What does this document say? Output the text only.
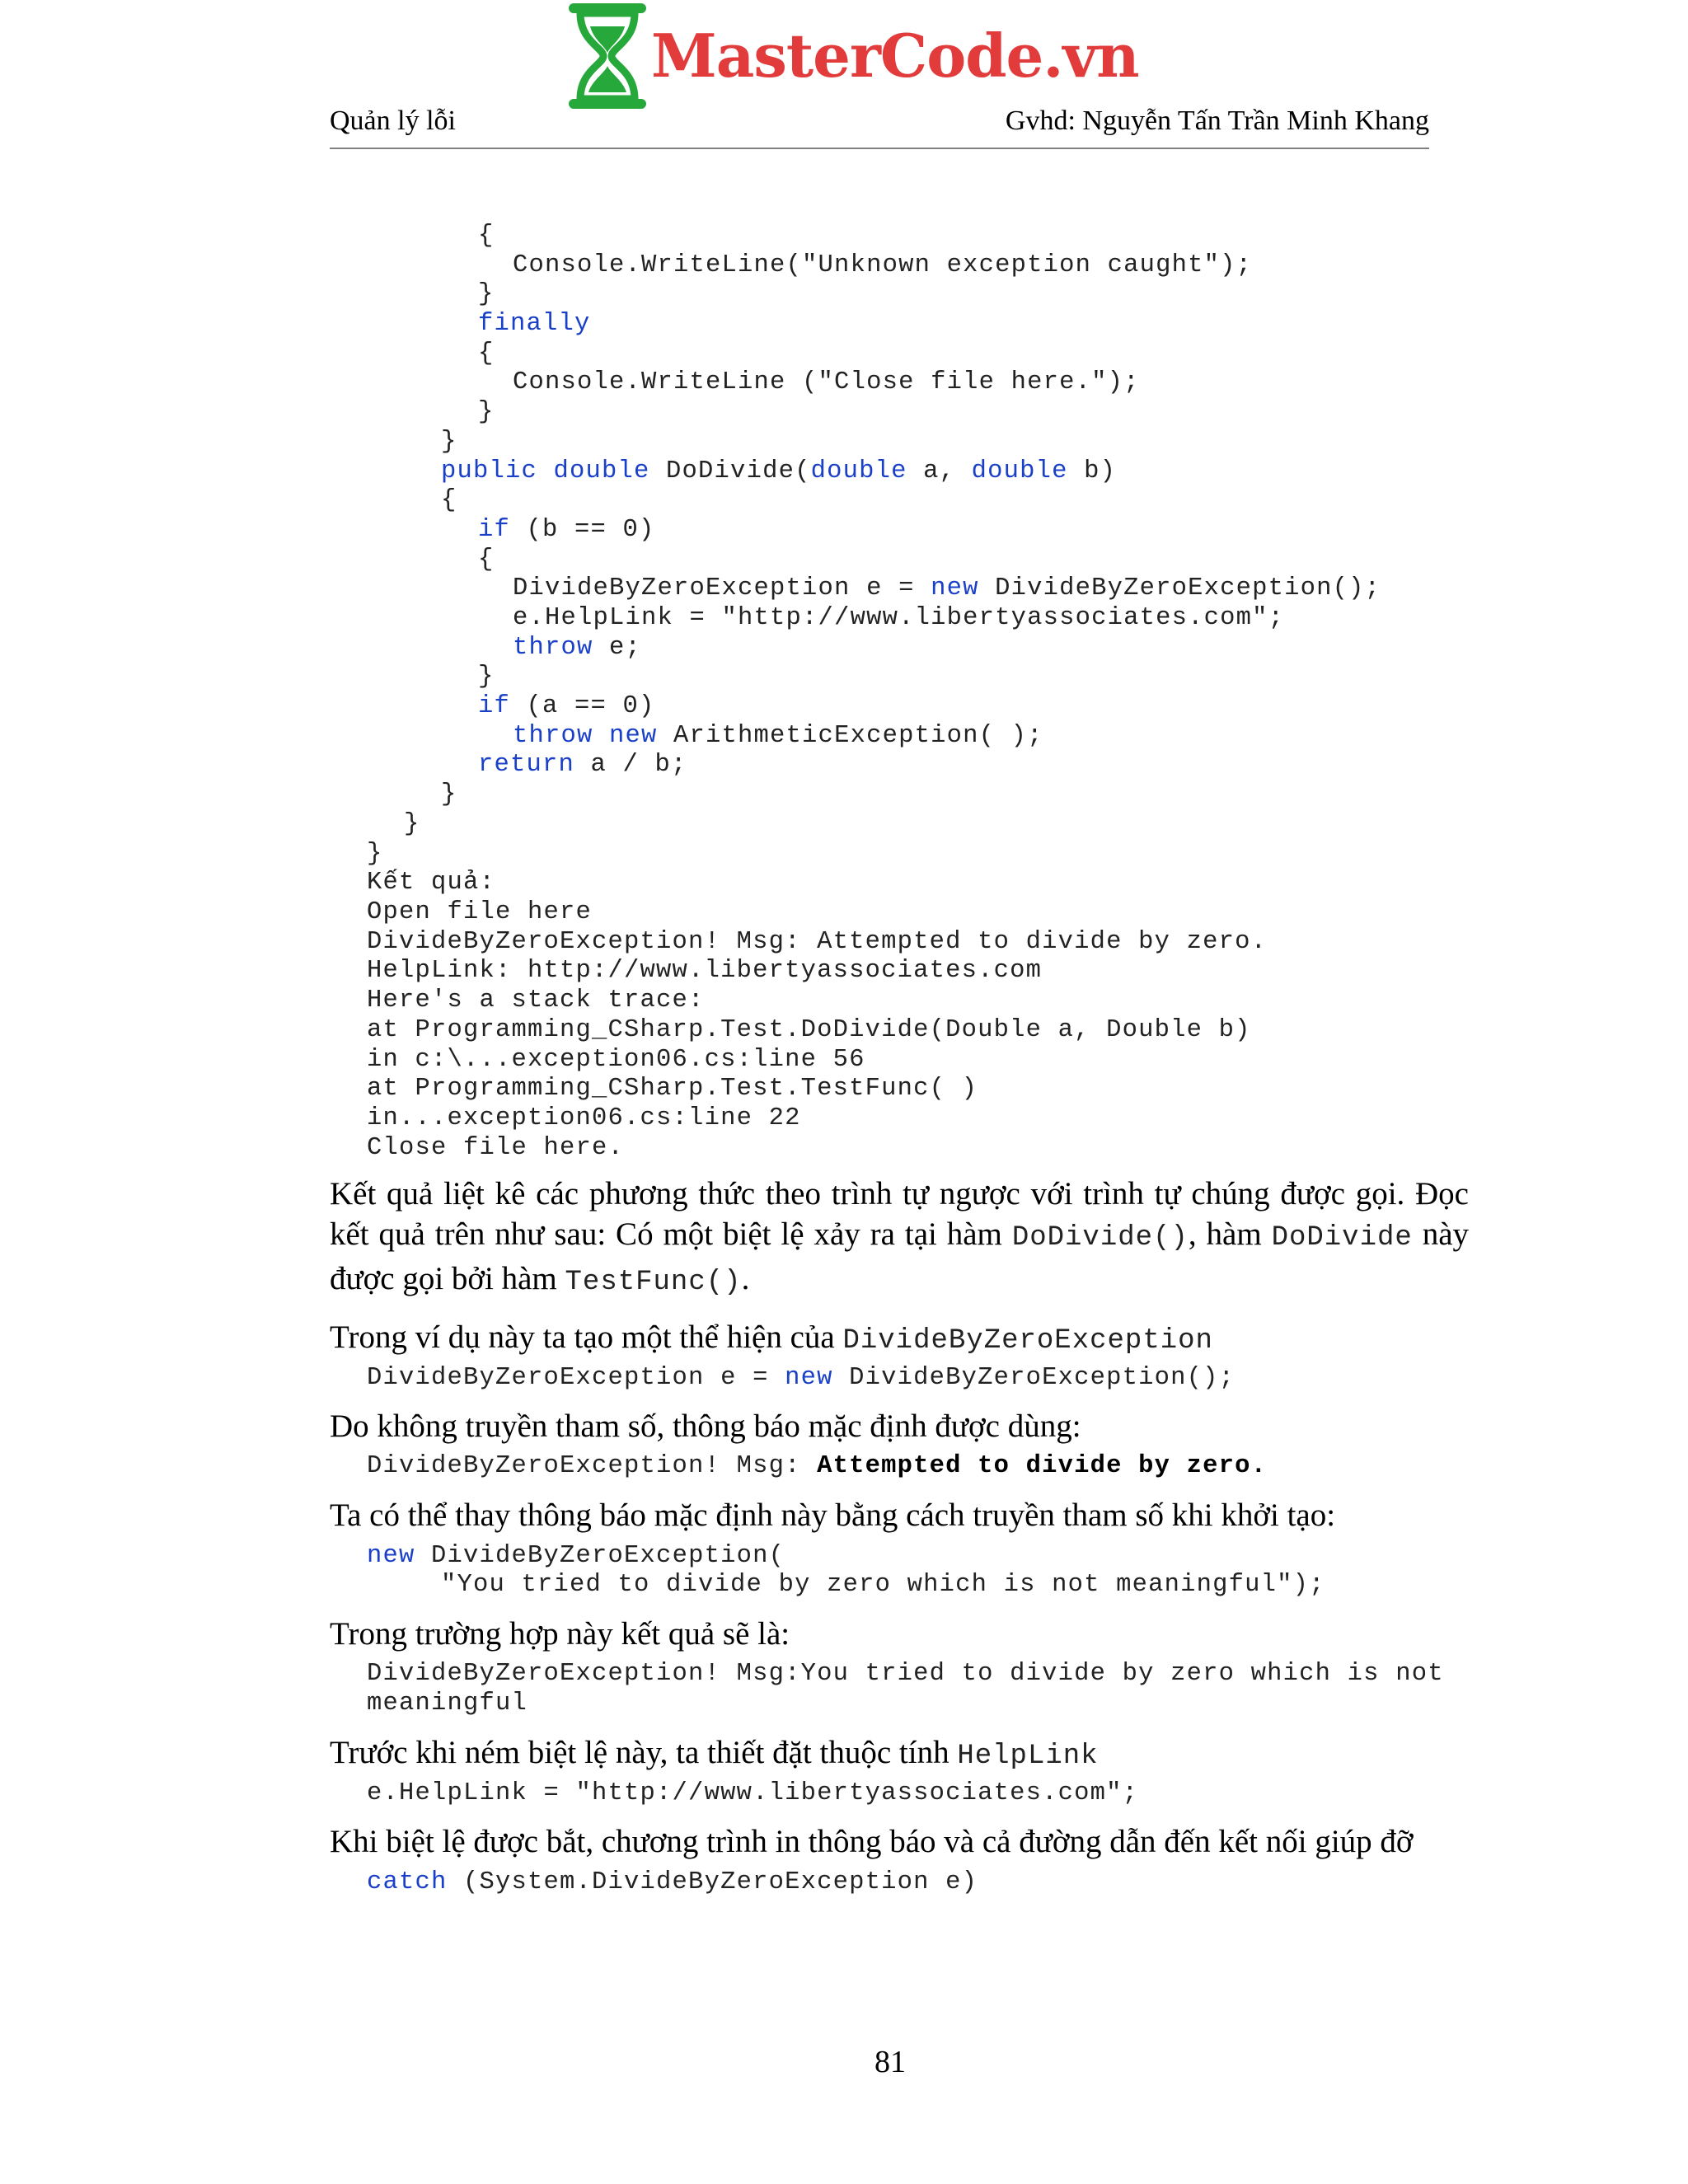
MasterCode.vn
Quản lý lỗi	Gvhd: Nguyễn Tấn Trần Minh Khang
{
Console.WriteLine("Unknown exception caught");
}
finally
{
Console.WriteLine ("Close file here.");
}
}
public double DoDivide(double a, double b)
{
if (b == 0)
{
DivideByZeroException e = new DivideByZeroException();
e.HelpLink = "http://www.libertyassociates.com";
throw e;
}
if (a == 0)
throw new ArithmeticException( );
return a / b;
}
}
}
Kết quả:
Open file here
DivideByZeroException! Msg: Attempted to divide by zero.
HelpLink: http://www.libertyassociates.com
Here's a stack trace:
at Programming_CSharp.Test.DoDivide(Double a, Double b)
in c:\...exception06.cs:line 56
at Programming_CSharp.Test.TestFunc( )
in...exception06.cs:line 22
Close file here.
Kết quả liệt kê các phương thức theo trình tự ngược với trình tự chúng được gọi. Đọc kết quả trên như sau: Có một biệt lệ xảy ra tại hàm DoDivide(), hàm DoDivide này được gọi bởi hàm TestFunc().
Trong ví dụ này ta tạo một thể hiện của DivideByZeroException
DivideByZeroException e = new DivideByZeroException();
Do không truyền tham số, thông báo mặc định được dùng:
DivideByZeroException! Msg: Attempted to divide by zero.
Ta có thể thay thông báo mặc định này bằng cách truyền tham số khi khởi tạo:
new DivideByZeroException(
"You tried to divide by zero which is not meaningful");
Trong trường hợp này kết quả sẽ là:
DivideByZeroException! Msg:You tried to divide by zero which is not
meaningful
Trước khi ném biệt lệ này, ta thiết đặt thuộc tính HelpLink
e.HelpLink = "http://www.libertyassociates.com";
Khi biệt lệ được bắt, chương trình in thông báo và cả đường dẫn đến kết nối giúp đỡ
catch (System.DivideByZeroException e)
81
